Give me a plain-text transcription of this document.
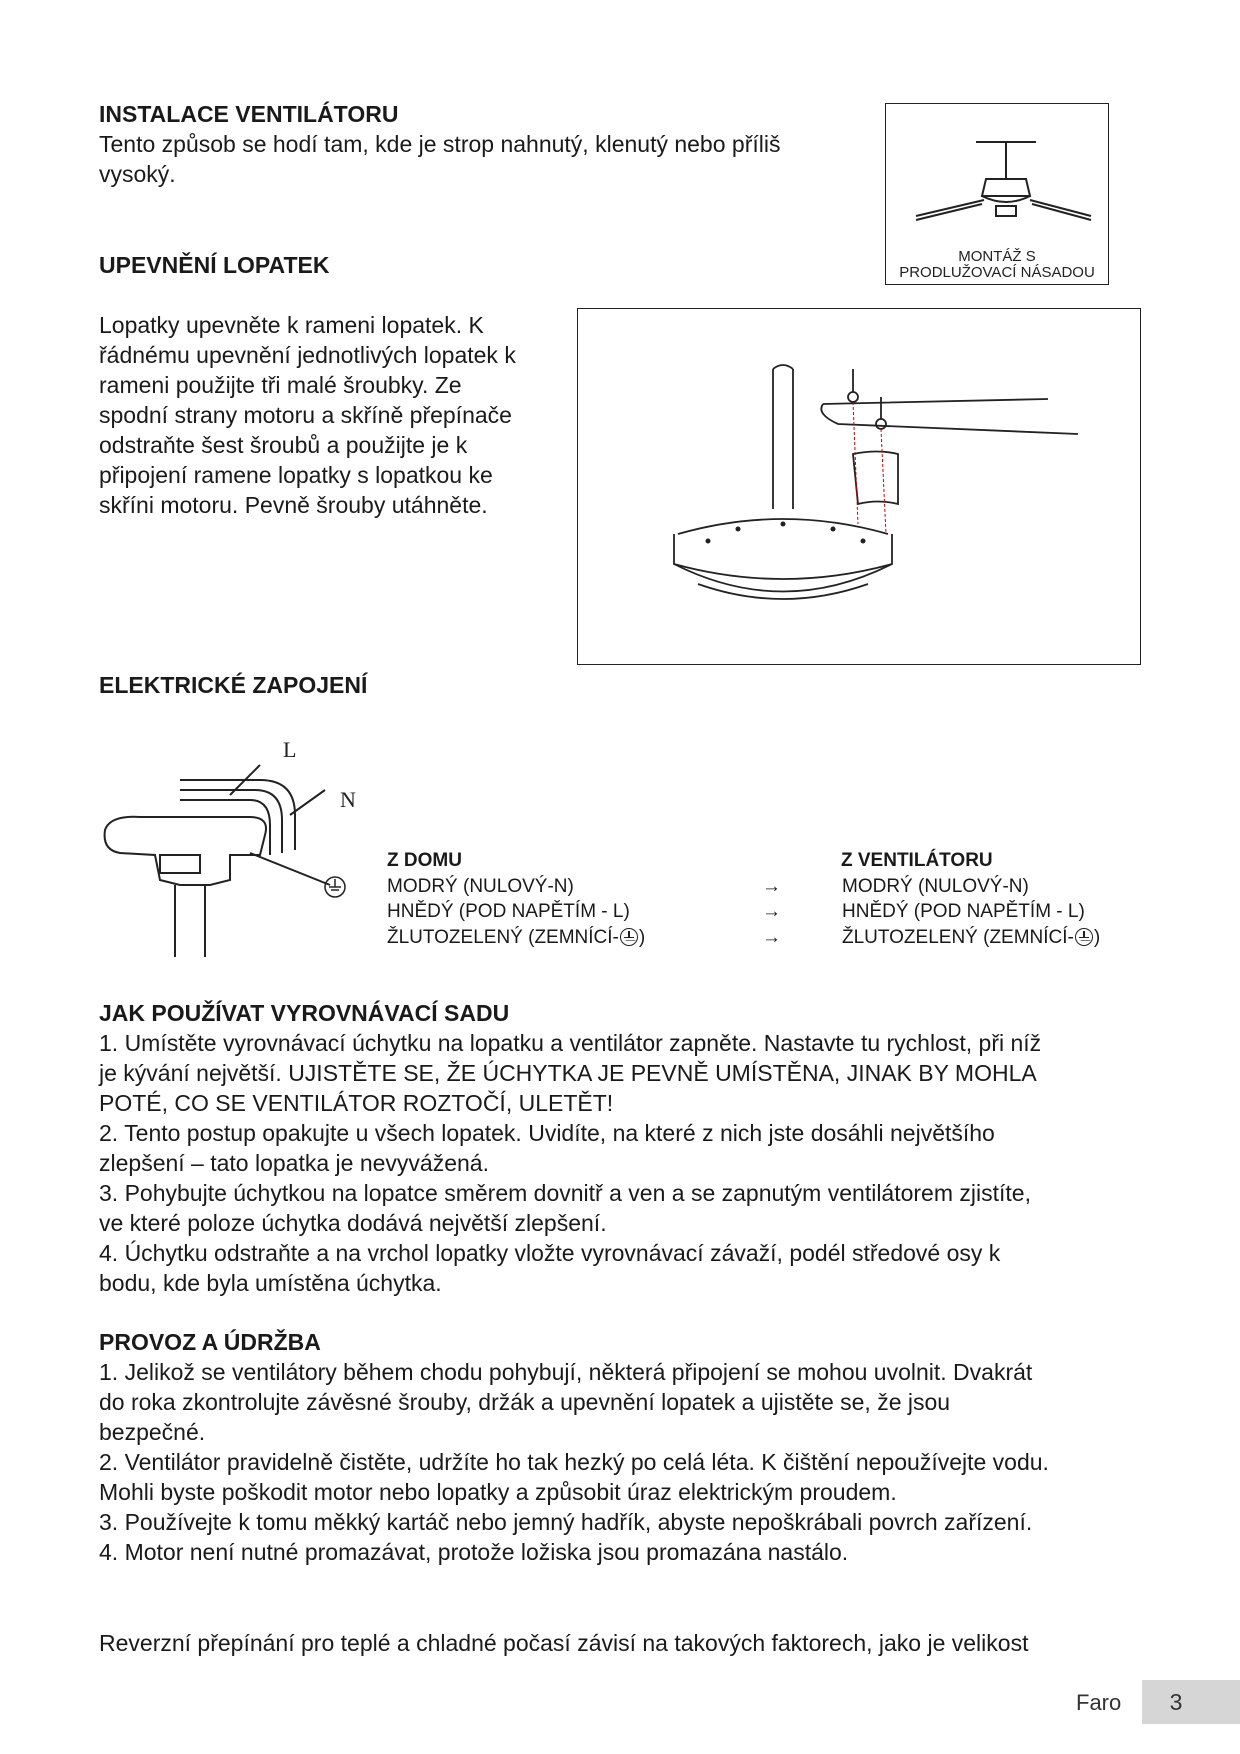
INSTALACE VENTILÁTORU

Tento způsob se hodí tam, kde je strop nahnutý, klenutý nebo příliš

vysoký.

MONTÁŽ S
PRODLUŽOVACÍ NÁSADOU
UPEVNĚNÍ LOPATEK

Lopatky upevněte k rameni lopatek. K

řádnému upevnění jednotlivých lopatek k

rameni použijte tři malé šroubky. Ze

spodní strany motoru a skříně přepínače

odstraňte šest šroubů a použijte je k

připojení ramene lopatky s lopatkou ke

skříni motoru. Pevně šrouby utáhněte.

ELEKTRICKÉ ZAPOJENÍ
L
N
Z DOMU	Z VENTILÁTORU
MODRÝ (NULOVÝ-N)	→	MODRÝ (NULOVÝ-N)
HNĚDÝ (POD NAPĚTÍM - L)	→	HNĚDÝ (POD NAPĚTÍM - L)
ŽLUTOZELENÝ (ZEMNÍCÍ- )	→	ŽLUTOZELENÝ (ZEMNÍCÍ- )
JAK POUŽÍVAT VYROVNÁVACÍ SADU

1. Umístěte vyrovnávací úchytku na lopatku a ventilátor zapněte. Nastavte tu rychlost, při níž

je kývání největší. UJISTĚTE SE, ŽE ÚCHYTKA JE PEVNĚ UMÍSTĚNA, JINAK BY MOHLA

POTÉ, CO SE VENTILÁTOR ROZTOČÍ, ULETĚT!

2. Tento postup opakujte u všech lopatek. Uvidíte, na které z nich jste dosáhli největšího

zlepšení – tato lopatka je nevyvážená.

3. Pohybujte úchytkou na lopatce směrem dovnitř a ven a se zapnutým ventilátorem zjistíte,

ve které poloze úchytka dodává největší zlepšení.

4. Úchytku odstraňte a na vrchol lopatky vložte vyrovnávací závaží, podél středové osy k

bodu, kde byla umístěna úchytka.

PROVOZ A ÚDRŽBA

1. Jelikož se ventilátory během chodu pohybují, některá připojení se mohou uvolnit. Dvakrát

do roka zkontrolujte závěsné šrouby, držák a upevnění lopatek a ujistěte se, že jsou

bezpečné.

2. Ventilátor pravidelně čistěte, udržíte ho tak hezký po celá léta. K čištění nepoužívejte vodu.

Mohli byste poškodit motor nebo lopatky a způsobit úraz elektrickým proudem.

3. Používejte k tomu měkký kartáč nebo jemný hadřík, abyste nepoškrábali povrch zařízení.

4. Motor není nutné promazávat, protože ložiska jsou promazána nastálo.

Reverzní přepínání pro teplé a chladné počasí závisí na takových faktorech, jako je velikost

Faro 3
